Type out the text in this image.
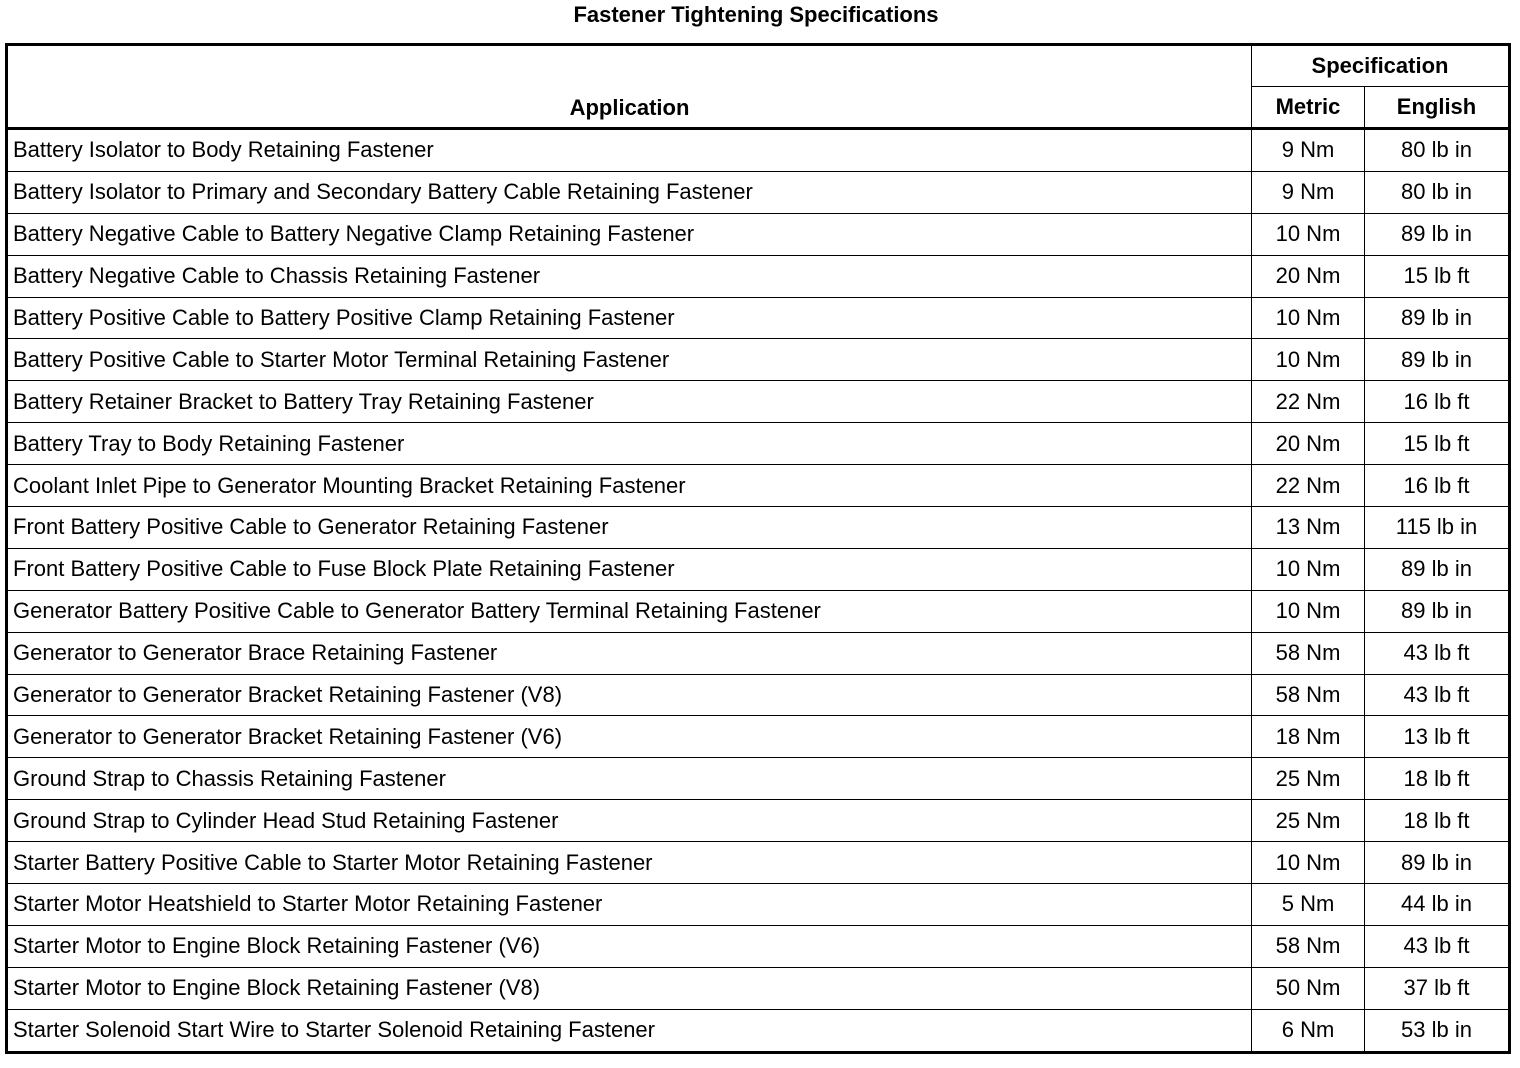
Fastener Tightening Specifications
Application	Specification	
	Metric	English
Battery Isolator to Body Retaining Fastener	9 Nm	80 lb in
Battery Isolator to Primary and Secondary Battery Cable Retaining Fastener	9 Nm	80 lb in
Battery Negative Cable to Battery Negative Clamp Retaining Fastener	10 Nm	89 lb in
Battery Negative Cable to Chassis Retaining Fastener	20 Nm	15 lb ft
Battery Positive Cable to Battery Positive Clamp Retaining Fastener	10 Nm	89 lb in
Battery Positive Cable to Starter Motor Terminal Retaining Fastener	10 Nm	89 lb in
Battery Retainer Bracket to Battery Tray Retaining Fastener	22 Nm	16 lb ft
Battery Tray to Body Retaining Fastener	20 Nm	15 lb ft
Coolant Inlet Pipe to Generator Mounting Bracket Retaining Fastener	22 Nm	16 lb ft
Front Battery Positive Cable to Generator Retaining Fastener	13 Nm	115 lb in
Front Battery Positive Cable to Fuse Block Plate Retaining Fastener	10 Nm	89 lb in
Generator Battery Positive Cable to Generator Battery Terminal Retaining Fastener	10 Nm	89 lb in
Generator to Generator Brace Retaining Fastener	58 Nm	43 lb ft
Generator to Generator Bracket Retaining Fastener (V8)	58 Nm	43 lb ft
Generator to Generator Bracket Retaining Fastener (V6)	18 Nm	13 lb ft
Ground Strap to Chassis Retaining Fastener	25 Nm	18 lb ft
Ground Strap to Cylinder Head Stud Retaining Fastener	25 Nm	18 lb ft
Starter Battery Positive Cable to Starter Motor Retaining Fastener	10 Nm	89 lb in
Starter Motor Heatshield to Starter Motor Retaining Fastener	5 Nm	44 lb in
Starter Motor to Engine Block Retaining Fastener (V6)	58 Nm	43 lb ft
Starter Motor to Engine Block Retaining Fastener (V8)	50 Nm	37 lb ft
Starter Solenoid Start Wire to Starter Solenoid Retaining Fastener	6 Nm	53 lb in
